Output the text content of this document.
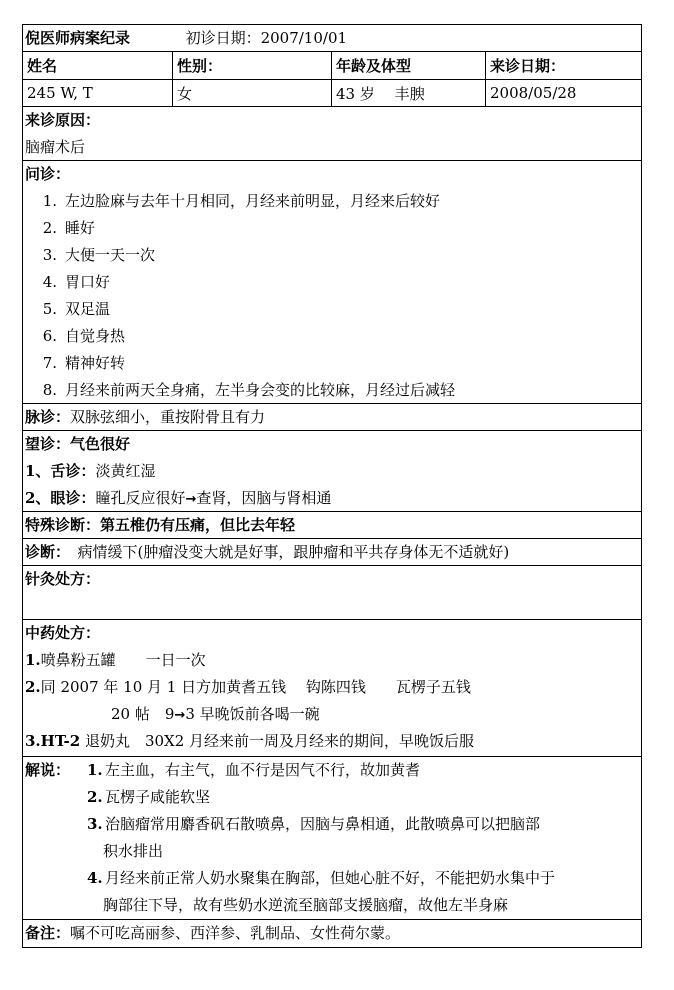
倪医师病案纪录	初诊日期：2007/10/01
姓名	性别：	年龄及体型	来诊日期：
245 W, T	女	43 岁　 丰腴	2008/05/28
来诊原因：
脑瘤术后
问诊：
1. 左边脸麻与去年十月相同，月经来前明显，月经来后较好
2. 睡好
3. 大便一天一次
4. 胃口好
5. 双足温
6. 自觉身热
7. 精神好转
8. 月经来前两天全身痛，左半身会变的比较麻，月经过后减轻
脉诊：双脉弦细小，重按附骨且有力
望诊：气色很好
1、舌诊：淡黄红湿
2、眼诊：瞳孔反应很好→查肾，因脑与肾相通
特殊诊断：第五椎仍有压痛，但比去年轻
诊断：　病情缓下(肿瘤没变大就是好事，跟肿瘤和平共存身体无不适就好)
针灸处方：
中药处方：
1.喷鼻粉五罐　　一日一次
2.同 2007 年 10 月 1 日方加黄耆五钱　 钩陈四钱　　瓦楞子五钱
20 帖　9→3 早晚饭前各喝一碗
3.HT-2 退奶丸　30X2 月经来前一周及月经来的期间，早晚饭后服
解说：	1. 左主血，右主气，血不行是因气不行，故加黄耆
2. 瓦楞子咸能软坚
3. 治脑瘤常用麝香矾石散喷鼻，因脑与鼻相通，此散喷鼻可以把脑部
积水排出
4. 月经来前正常人奶水聚集在胸部，但她心脏不好，不能把奶水集中于
胸部往下导，故有些奶水逆流至脑部支援脑瘤，故他左半身麻
备注：嘱不可吃高丽参、西洋参、乳制品、女性荷尔蒙。
